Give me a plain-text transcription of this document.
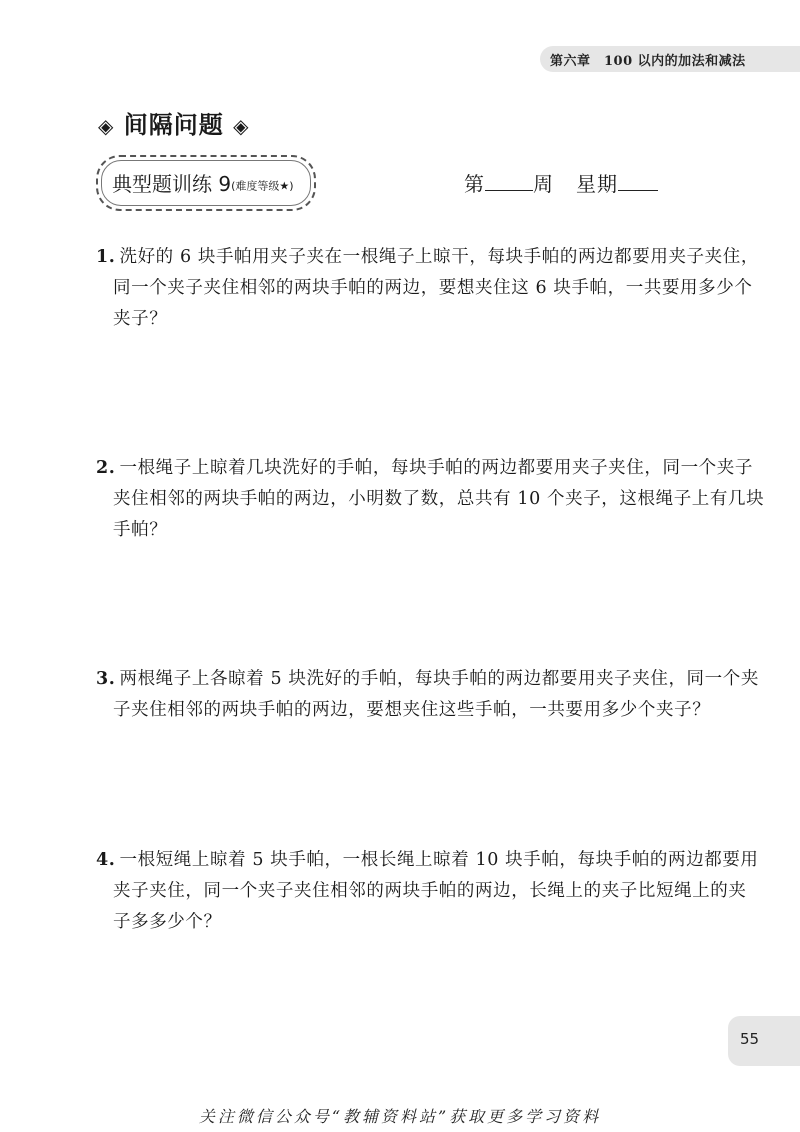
第六章　100 以内的加法和减法
◈ 间隔问题 ◈
典型题训练 9(难度等级★)	第 周 星期
1. 洗好的 6 块手帕用夹子夹在一根绳子上晾干，每块手帕的两边都要用夹子夹住，
同一个夹子夹住相邻的两块手帕的两边，要想夹住这 6 块手帕，一共要用多少个
夹子？
2. 一根绳子上晾着几块洗好的手帕，每块手帕的两边都要用夹子夹住，同一个夹子
夹住相邻的两块手帕的两边，小明数了数，总共有 10 个夹子，这根绳子上有几块
手帕？
3. 两根绳子上各晾着 5 块洗好的手帕，每块手帕的两边都要用夹子夹住，同一个夹
子夹住相邻的两块手帕的两边，要想夹住这些手帕，一共要用多少个夹子？
4. 一根短绳上晾着 5 块手帕，一根长绳上晾着 10 块手帕，每块手帕的两边都要用
夹子夹住，同一个夹子夹住相邻的两块手帕的两边，长绳上的夹子比短绳上的夹
子多多少个？
55
关注微信公众号“教辅资料站”获取更多学习资料
